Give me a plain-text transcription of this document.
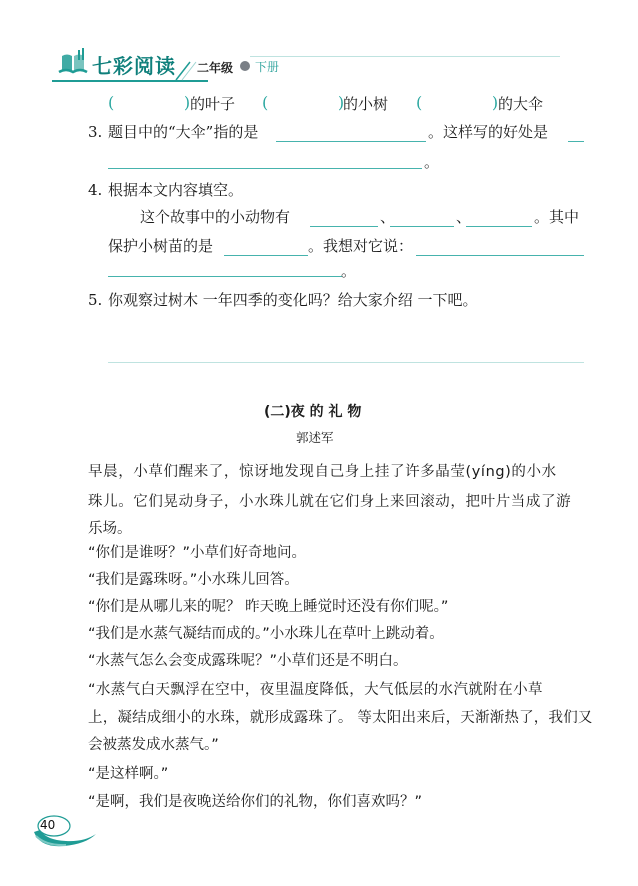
七彩阅读 二年级 下册
(	) 的叶子 (	)
的小树 (	) 的大伞
3. 题目中的“大伞”指的是	。这样写的好处是
。
4. 根据本文内容填空。
这个故事中的小动物有	、	、	。其中
保护小树苗的是	。我想对它说：
。
5. 你观察过树木 一年四季的变化吗？给大家介绍 一下吧。
(二)夜 的 礼 物
郭述军
早晨，小草们醒来了，惊讶地发现自己身上挂了许多晶莹(yíng)的小水
珠儿。它们晃动身子，小水珠儿就在它们身上来回滚动，把叶片当成了游
乐场。
“你们是谁呀？”小草们好奇地问。
“我们是露珠呀。”小水珠儿回答。
“你们是从哪儿来的呢？ 昨天晚上睡觉时还没有你们呢。”
“我们是水蒸气凝结而成的。”小水珠儿在草叶上跳动着。
“水蒸气怎么会变成露珠呢？”小草们还是不明白。
“水蒸气白天飘浮在空中，夜里温度降低，大气低层的水汽就附在小草
上，凝结成细小的水珠，就形成露珠了。 等太阳出来后，天渐渐热了，我们又
会被蒸发成水蒸气。”
“是这样啊。”
“是啊，我们是夜晚送给你们的礼物，你们喜欢吗？”
40
